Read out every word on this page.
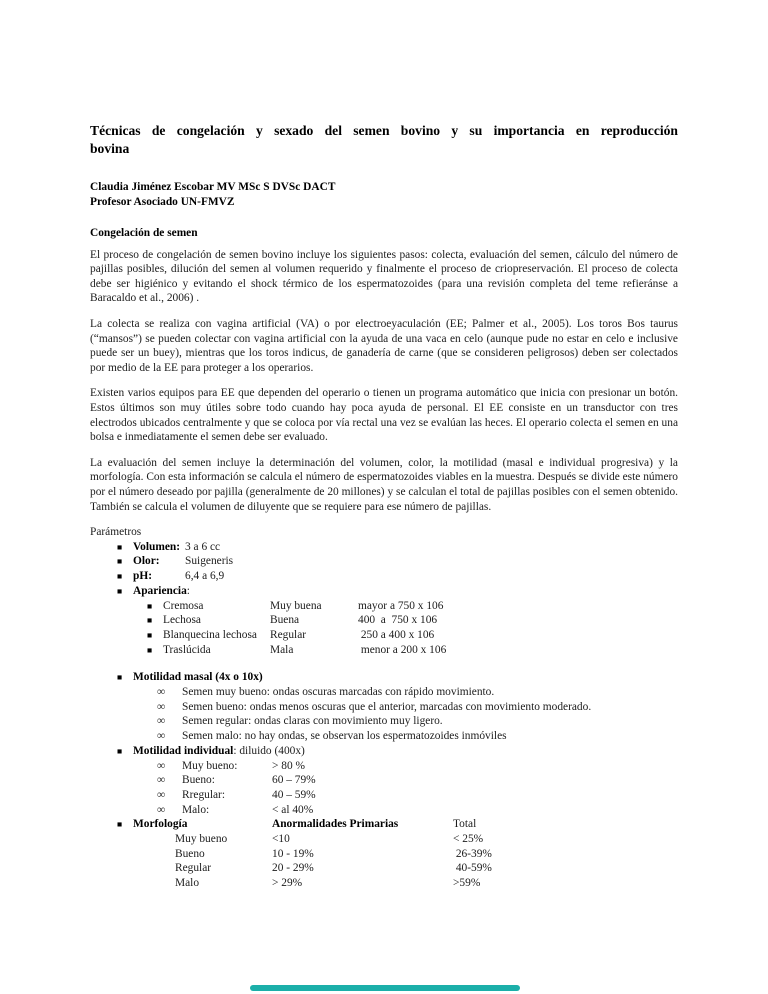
Técnicas de congelación y sexado del semen bovino y su importancia en reproducción
bovina
Claudia Jiménez Escobar MV MSc S DVSc DACT
Profesor Asociado UN-FMVZ
Congelación de semen

El proceso de congelación de semen bovino incluye los siguientes pasos: colecta, evaluación del semen, cálculo del número de pajillas posibles, dilución del semen al volumen requerido y finalmente el proceso de criopreservación. El proceso de colecta debe ser higiénico y evitando el shock térmico de los espermatozoides (para una revisión completa del teme refieránse a Baracaldo et al., 2006) .

La colecta se realiza con vagina artificial (VA) o por electroeyaculación (EE; Palmer et al., 2005). Los toros Bos taurus (“mansos”) se pueden colectar con vagina artificial con la ayuda de una vaca en celo (aunque pude no estar en celo e inclusive puede ser un buey), mientras que los toros indicus, de ganadería de carne (que se consideren peligrosos) deben ser colectados por medio de la EE para proteger a los operarios.

Existen varios equipos para EE que dependen del operario o tienen un programa automático que inicia con presionar un botón. Estos últimos son muy útiles sobre todo cuando hay poca ayuda de personal. El EE consiste en un transductor con tres electrodos ubicados centralmente y que se coloca por vía rectal una vez se evalúan las heces. El operario colecta el semen en una bolsa e inmediatamente el semen debe ser evaluado.

La evaluación del semen incluye la determinación del volumen, color, la motilidad (masal e individual progresiva) y la morfología. Con esta información se calcula el número de espermatozoides viables en la muestra. Después se divide este número por el número deseado por pajilla (generalmente de 20 millones) y se calculan el total de pajillas posibles con el semen obtenido. También se calcula el volumen de diluyente que se requiere para ese número de pajillas.

Parámetros
■ Volumen: 3 a 6 cc
■ Olor:	Suigeneris
■ pH:	6,4 a 6,9
■ Apariencia:
■ Cremosa	Muy buena	mayor a 750 x 106
■ Lechosa	Buena	400  a  750 x 106
■ Blanquecina lechosa	Regular	250 a 400 x 106
■ Traslúcida	Mala	menor a 200 x 106
■ Motilidad masal (4x o 10x)
∞	Semen muy bueno: ondas oscuras marcadas con rápido movimiento.
∞	Semen bueno: ondas menos oscuras que el anterior, marcadas con movimiento moderado.
∞	Semen regular: ondas claras con movimiento muy ligero.
∞	Semen malo: no hay ondas, se observan los espermatozoides inmóviles
■ Motilidad individual: diluido (400x)
∞	Muy bueno:	> 80 %
∞	Bueno:	60 – 79%
∞	Rregular:	40 – 59%
∞	Malo:	< al 40%
■ Morfología	Anormalidades Primarias	Total
Muy bueno	<10	< 25%
Bueno	10 - 19%	26-39%
Regular	20 - 29%	40-59%
Malo	> 29%	>59%
